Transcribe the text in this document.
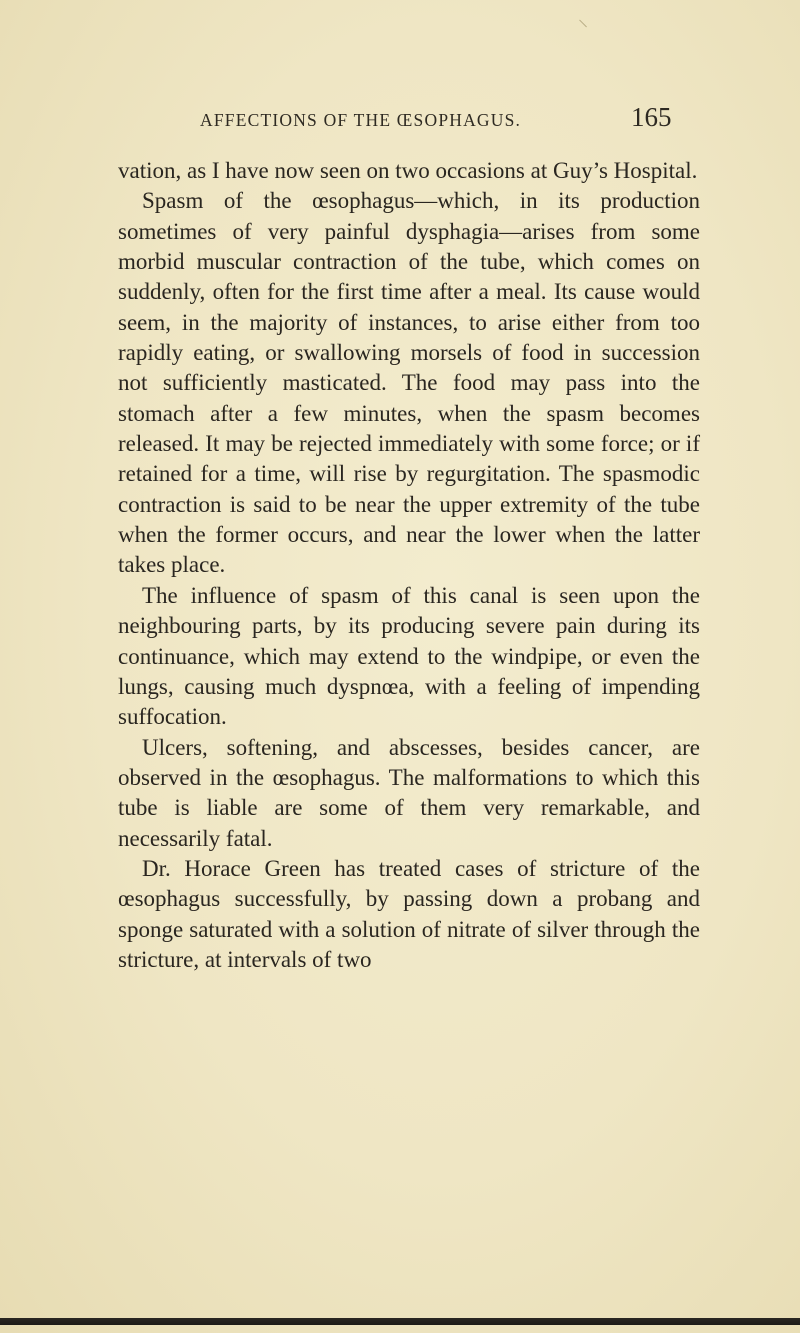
AFFECTIONS OF THE ŒSOPHAGUS.	165

vation, as I have now seen on two occasions at Guy’s Hospital.

Spasm of the œsophagus—which, in its production sometimes of very painful dysphagia—arises from some morbid muscular contraction of the tube, which comes on suddenly, often for the first time after a meal. Its cause would seem, in the majority of instances, to arise either from too rapidly eating, or swallowing morsels of food in succession not sufficiently masticated. The food may pass into the stomach after a few minutes, when the spasm becomes released. It may be rejected immediately with some force; or if retained for a time, will rise by regurgitation. The spasmodic contraction is said to be near the upper extremity of the tube when the former occurs, and near the lower when the latter takes place.

The influence of spasm of this canal is seen upon the neighbouring parts, by its producing severe pain during its continuance, which may extend to the windpipe, or even the lungs, causing much dyspnœa, with a feeling of impending suffocation.

Ulcers, softening, and abscesses, besides cancer, are observed in the œsophagus. The malformations to which this tube is liable are some of them very remarkable, and necessarily fatal.

Dr. Horace Green has treated cases of stricture of the œsophagus successfully, by passing down a probang and sponge saturated with a solution of nitrate of silver through the stricture, at intervals of two
